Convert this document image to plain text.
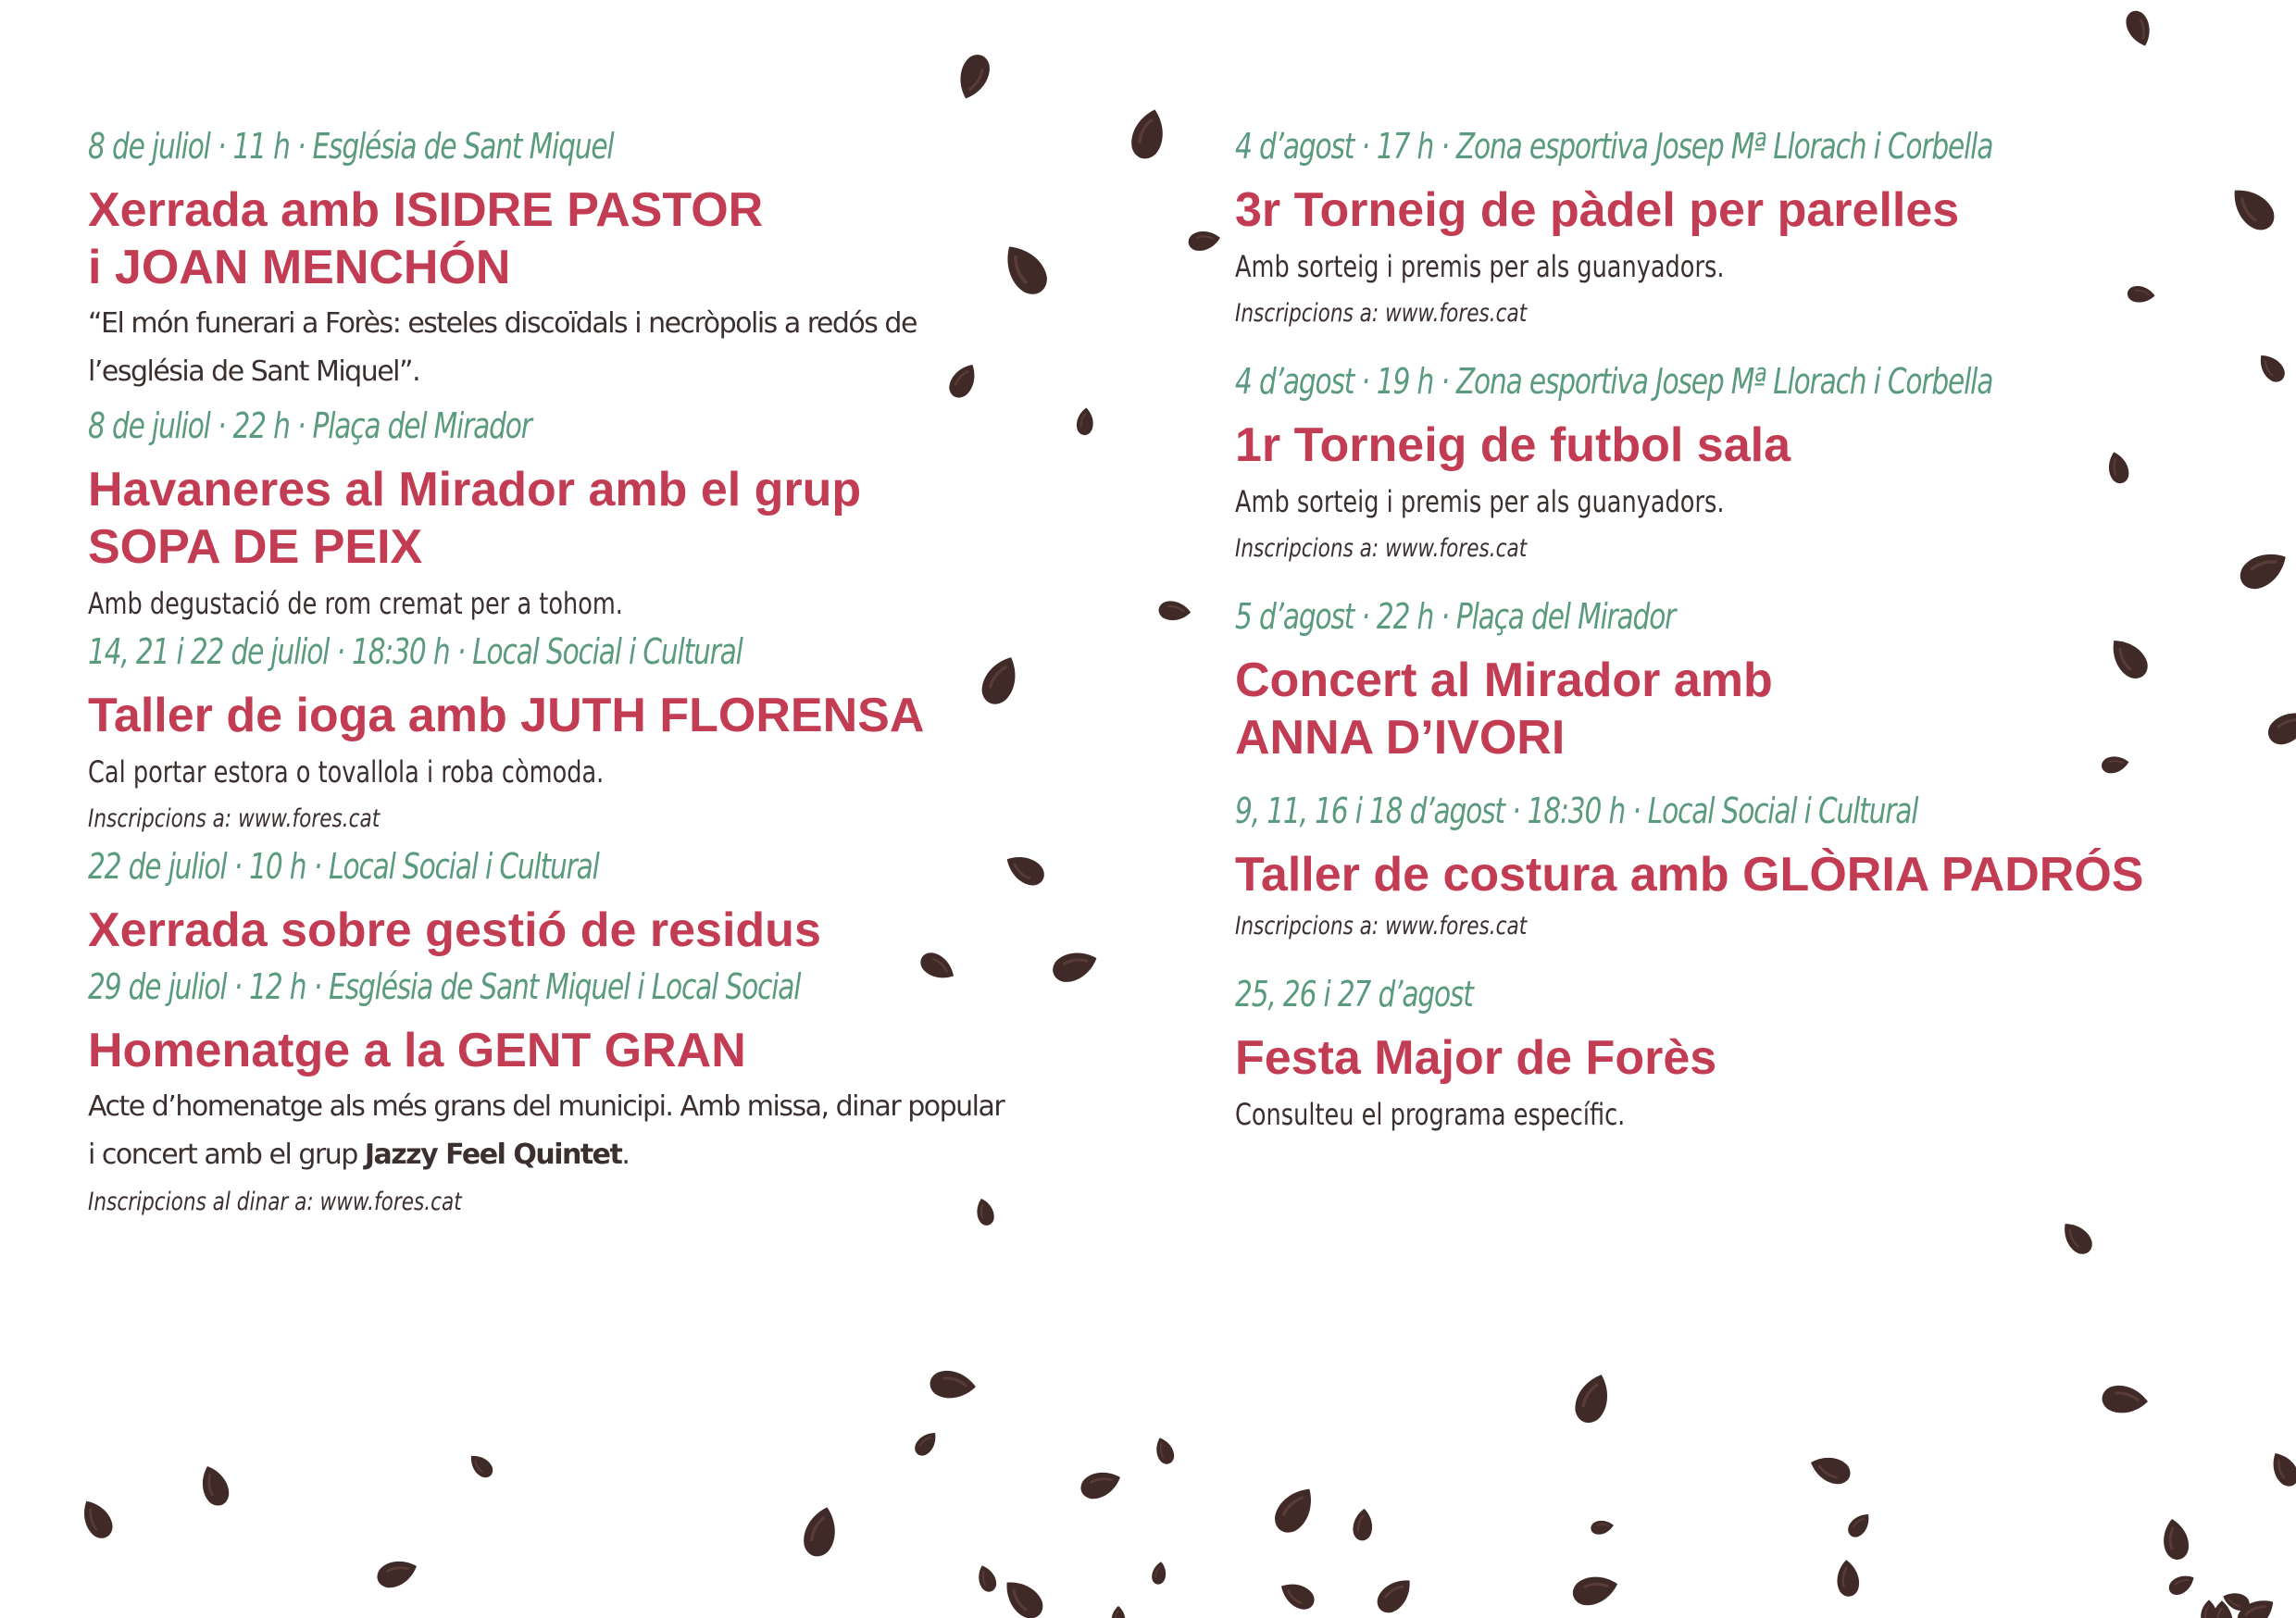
8 de juliol · 11 h · Església de Sant Miquel
Xerrada amb ISIDRE PASTOR
i JOAN MENCHÓN
“El món funerari a Forès: esteles discoïdals i necròpolis a redós de l’església de Sant Miquel”.
8 de juliol · 22 h · Plaça del Mirador
Havaneres al Mirador amb el grup
SOPA DE PEIX
Amb degustació de rom cremat per a tohom.
14, 21 i 22 de juliol · 18:30 h · Local Social i Cultural
Taller de ioga amb JUTH FLORENSA
Cal portar estora o tovallola i roba còmoda.
Inscripcions a: www.fores.cat
22 de juliol · 10 h · Local Social i Cultural
Xerrada sobre gestió de residus
29 de juliol · 12 h · Església de Sant Miquel i Local Social
Homenatge a la GENT GRAN
Acte d’homenatge als més grans del municipi. Amb missa, dinar popular i concert amb el grup Jazzy Feel Quintet.
Inscripcions al dinar a: www.fores.cat
4 d’agost · 17 h · Zona esportiva Josep Mª Llorach i Corbella
3r Torneig de pàdel per parelles
Amb sorteig i premis per als guanyadors.
Inscripcions a: www.fores.cat
4 d’agost · 19 h · Zona esportiva Josep Mª Llorach i Corbella
1r Torneig de futbol sala
Amb sorteig i premis per als guanyadors.
Inscripcions a: www.fores.cat
5 d’agost · 22 h · Plaça del Mirador
Concert al Mirador amb
ANNA D’IVORI
9, 11, 16 i 18 d’agost · 18:30 h · Local Social i Cultural
Taller de costura amb GLÒRIA PADRÓS
Inscripcions a: www.fores.cat
25, 26 i 27 d’agost
Festa Major de Forès
Consulteu el programa específic.
